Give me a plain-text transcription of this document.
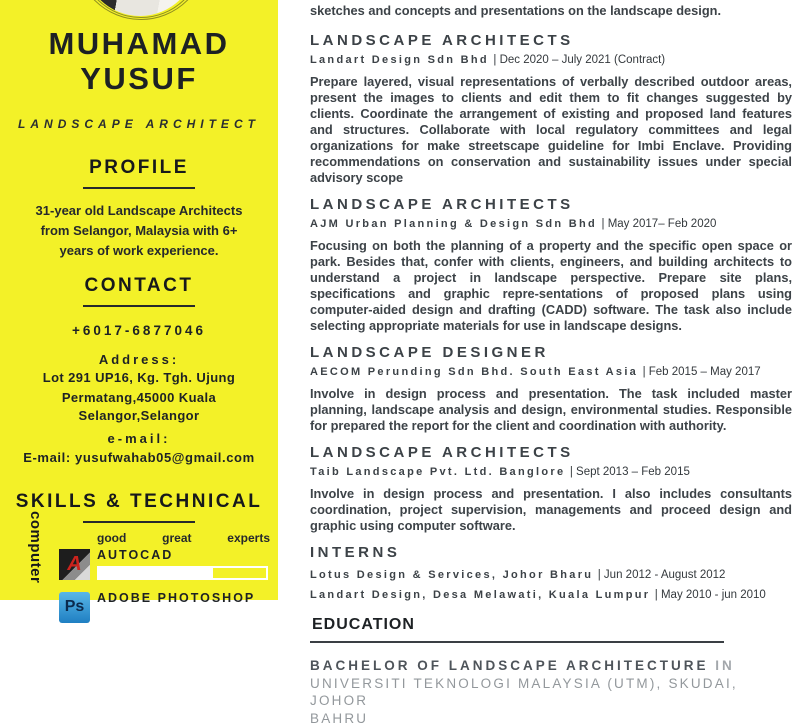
MUHAMAD
YUSUF
LANDSCAPE ARCHITECT
PROFILE

31-year old Landscape Architects from Selangor, Malaysia with 6+ years of work experience.

CONTACT
+6017-6877046
Address:
Lot 291 UP16, Kg. Tgh. Ujung
Permatang,45000 Kuala Selangor,Selangor
e-mail:
E-mail: yusufwahab05@gmail.com
SKILLS & TECHNICAL
good	great	experts
A	AUTOCAD
Ps
ADOBE PHOTOSHOP
computer

sketches and concepts and presentations on the landscape design.

LANDSCAPE ARCHITECTS
Landart Design Sdn Bhd | Dec 2020 – July 2021 (Contract)

Prepare layered, visual representations of verbally described outdoor areas, present the images to clients and edit them to fit changes suggested by clients. Coordinate the arrangement of existing and proposed land features and structures. Collaborate with local regulatory committees and legal organizations for make streetscape guideline for Imbi Enclave. Providing recommendations on conservation and sustainability issues under special advisory scope

LANDSCAPE ARCHITECTS
AJM Urban Planning & Design Sdn Bhd | May 2017– Feb 2020

Focusing on both the planning of a property and the specific open space or park. Besides that, confer with clients, engineers, and building architects to understand a project in landscape perspective. Prepare site plans, specifications and graphic repre-sentations of proposed plans using computer-aided design and drafting (CADD) software. The task also include selecting appropriate materials for use in landscape designs.

LANDSCAPE DESIGNER
AECOM Perunding Sdn Bhd. South East Asia | Feb 2015 – May 2017

Involve in design process and presentation. The task included master planning, landscape analysis and design, environmental studies. Responsible for prepared the report for the client and coordination with authority.

LANDSCAPE ARCHITECTS
Taib Landscape Pvt. Ltd. Banglore | Sept 2013 – Feb 2015

Involve in design process and presentation. I also includes consultants coordination, project supervision, managements and proceed design and graphic using computer software.

INTERNS
Lotus Design & Services, Johor Bharu | Jun 2012 - August 2012
Landart Design, Desa Melawati, Kuala Lumpur | May 2010 - jun 2010
EDUCATION
BACHELOR OF LANDSCAPE ARCHITECTURE IN
UNIVERSITI TEKNOLOGI MALAYSIA (UTM), SKUDAI, JOHOR
BAHRU
